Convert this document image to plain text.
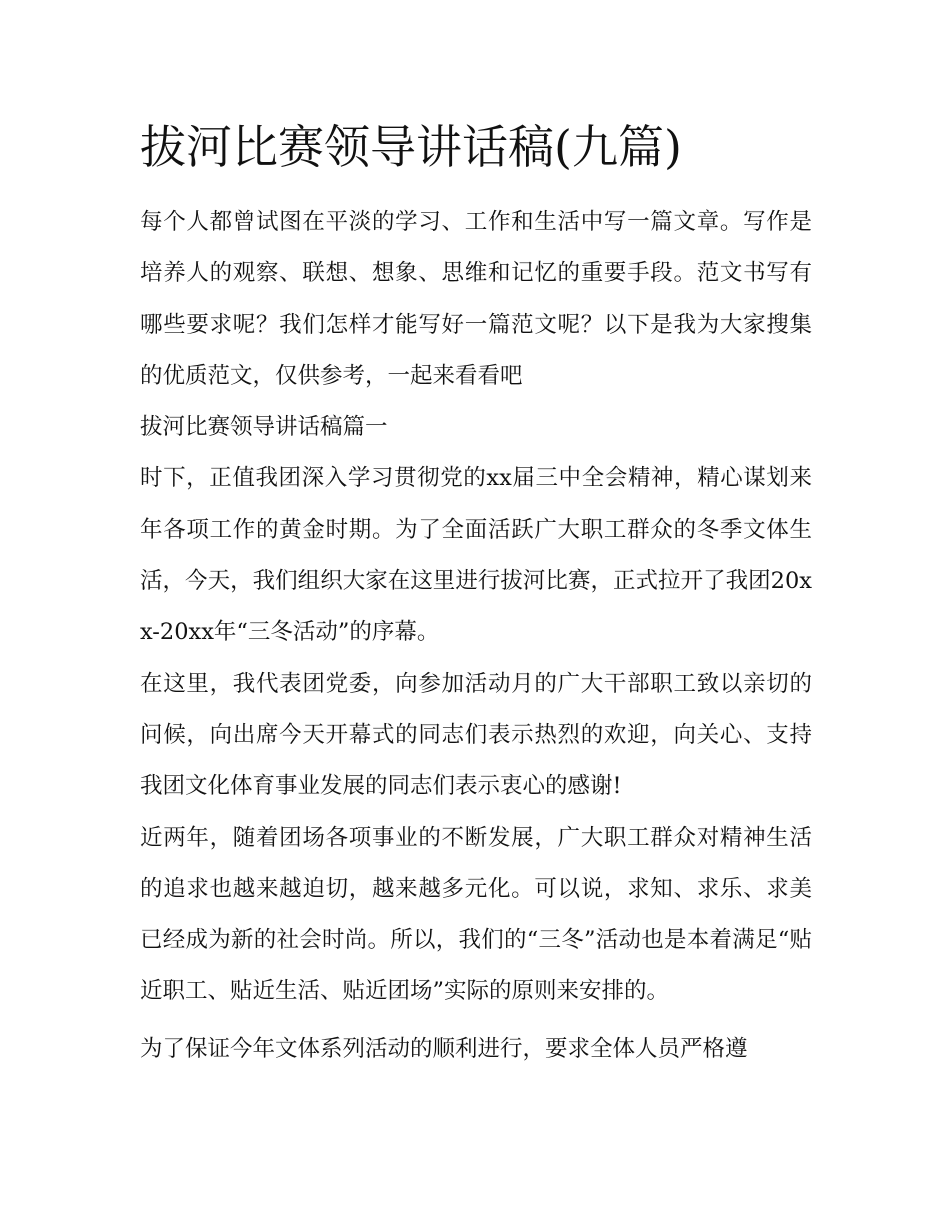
拔河比赛领导讲话稿(九篇)

每个人都曾试图在平淡的学习、工作和生活中写一篇文章。写作是培养人的观察、联想、想象、思维和记忆的重要手段。范文书写有哪些要求呢？我们怎样才能写好一篇范文呢？以下是我为大家搜集的优质范文，仅供参考，一起来看看吧

拔河比赛领导讲话稿篇一

时下，正值我团深入学习贯彻党的xx届三中全会精神，精心谋划来年各项工作的黄金时期。为了全面活跃广大职工群众的冬季文体生活，今天，我们组织大家在这里进行拔河比赛，正式拉开了我团20xx-20xx年“三冬活动”的序幕。

在这里，我代表团党委，向参加活动月的广大干部职工致以亲切的问候，向出席今天开幕式的同志们表示热烈的欢迎，向关心、支持我团文化体育事业发展的同志们表示衷心的感谢!

近两年，随着团场各项事业的不断发展，广大职工群众对精神生活的追求也越来越迫切，越来越多元化。可以说，求知、求乐、求美已经成为新的社会时尚。所以，我们的“三冬”活动也是本着满足“贴近职工、贴近生活、贴近团场”实际的原则来安排的。

为了保证今年文体系列活动的顺利进行，要求全体人员严格遵
